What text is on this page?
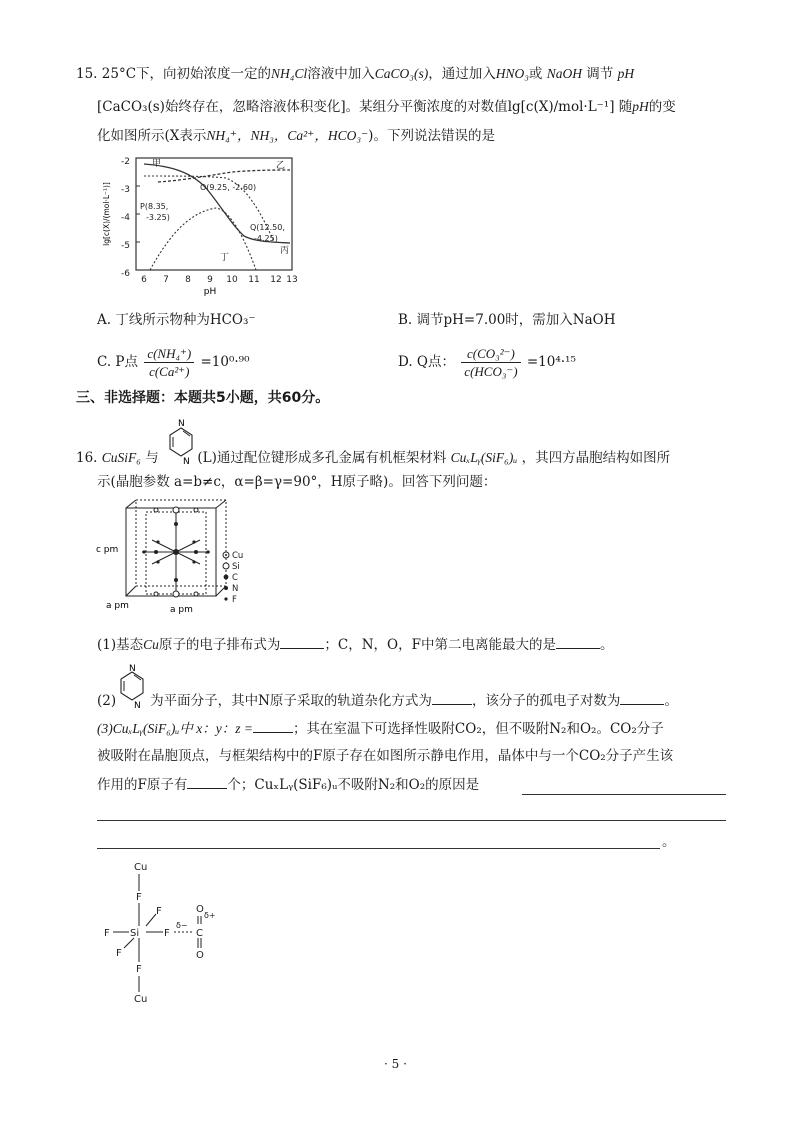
15. 25°C下，向初始浓度一定的NH₄Cl溶液中加入CaCO₃(s)，通过加入HNO₃或 NaOH 调节 pH
[CaCO₃(s)始终存在，忽略溶液体积变化]。某组分平衡浓度的对数值lg[c(X)/mol·L⁻¹] 随pH的变
化如图所示(X表示NH₄⁺，NH₃，Ca²⁺，HCO₃⁻)。下列说法错误的是
-2
-3
-4
-5
-6
6 7 8 9 10 11 12 13
pH
lg[c(X)/(mol·L⁻¹)]
甲	乙
丙
丁
O(9.25, -2.60)
P(8.35,
-3.25)
Q(12.50,
-4.25)
A. 丁线所示物种为HCO₃⁻	B. 调节pH=7.00时，需加入NaOH
C. P点 $\frac{\text{c(NH₄⁺)}}{\text{c(Ca²⁺)}} =10^0\cdot^{90}$	D. Q点： $\frac{\text{c(CO₃²⁻)}}{\text{c(HCO₃⁻)}} =10^4\cdot^{15}$
三、非选择题：本题共5小题，共60分。
16. CuSiF₆ 与	(L)通过配位键形成多孔金属有机框架材料 CuₓLᵧ(SiF₆)ᵤ ，其四方晶胞结构如图所
N
N
示(晶胞参数 a=b≠c，α=β=γ=90°，H原子略)。回答下列问题：
c pm
a pm	a pm
Cu
Si
C
N
F
(1)基态Cu原子的电子排布式为	；C，N，O，F中第二电离能最大的是	。
N
N
(2)	为平面分子，其中N原子采取的轨道杂化方式为	，该分子的孤电子对数为	。
(3)CuₓLᵧ(SiF₆)ᵤ中 x：y：z =	；其在室温下可选择性吸附CO₂，但不吸附N₂和O₂。CO₂分子
被吸附在晶胞顶点，与框架结构中的F原子存在如图所示静电作用，晶体中与一个CO₂分子产生该
作用的F原子有	个；CuₓLᵧ(SiF₆)ᵤ不吸附N₂和O₂的原因是
。
Cu
F
F
F Si F
δ−
C
O
δ+
O
F
F
Cu
· 5 ·
